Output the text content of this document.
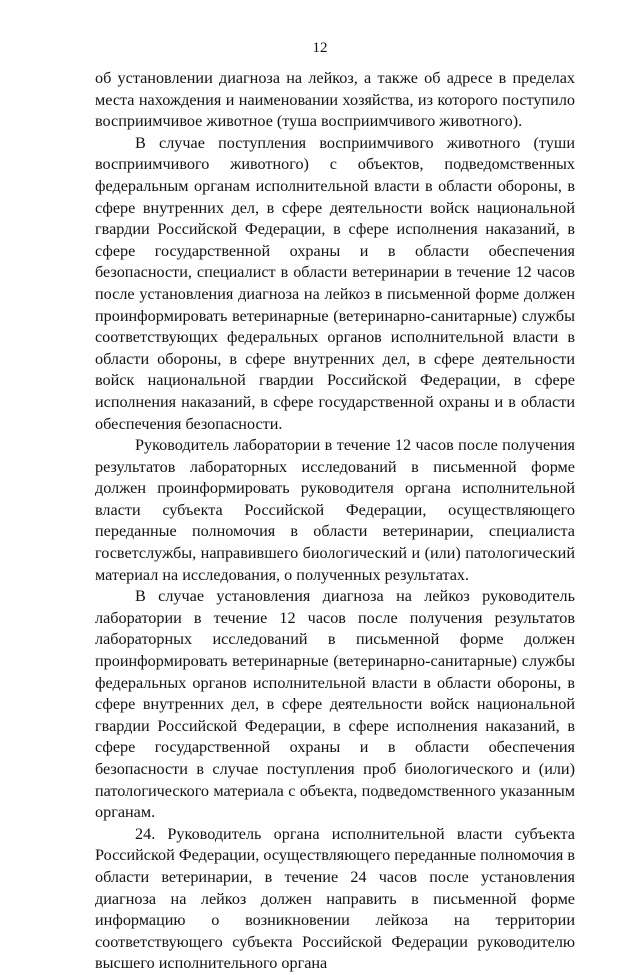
12

об установлении диагноза на лейкоз, а также об адресе в пределах места нахождения и наименовании хозяйства, из которого поступило восприимчивое животное (туша восприимчивого животного).

В случае поступления восприимчивого животного (туши восприимчивого животного) с объектов, подведомственных федеральным органам исполнительной власти в области обороны, в сфере внутренних дел, в сфере деятельности войск национальной гвардии Российской Федерации, в сфере исполнения наказаний, в сфере государственной охраны и в области обеспечения безопасности, специалист в области ветеринарии в течение 12 часов после установления диагноза на лейкоз в письменной форме должен проинформировать ветеринарные (ветеринарно-санитарные) службы соответствующих федеральных органов исполнительной власти в области обороны, в сфере внутренних дел, в сфере деятельности войск национальной гвардии Российской Федерации, в сфере исполнения наказаний, в сфере государственной охраны и в области обеспечения безопасности.

Руководитель лаборатории в течение 12 часов после получения результатов лабораторных исследований в письменной форме должен проинформировать руководителя органа исполнительной власти субъекта Российской Федерации, осуществляющего переданные полномочия в области ветеринарии, специалиста госветслужбы, направившего биологический и (или) патологический материал на исследования, о полученных результатах.

В случае установления диагноза на лейкоз руководитель лаборатории в течение 12 часов после получения результатов лабораторных исследований в письменной форме должен проинформировать ветеринарные (ветеринарно-санитарные) службы федеральных органов исполнительной власти в области обороны, в сфере внутренних дел, в сфере деятельности войск национальной гвардии Российской Федерации, в сфере исполнения наказаний, в сфере государственной охраны и в области обеспечения безопасности в случае поступления проб биологического и (или) патологического материала с объекта, подведомственного указанным органам.

24. Руководитель органа исполнительной власти субъекта Российской Федерации, осуществляющего переданные полномочия в области ветеринарии, в течение 24 часов после установления диагноза на лейкоз должен направить в письменной форме информацию о возникновении лейкоза на территории соответствующего субъекта Российской Федерации руководителю высшего исполнительного органа
